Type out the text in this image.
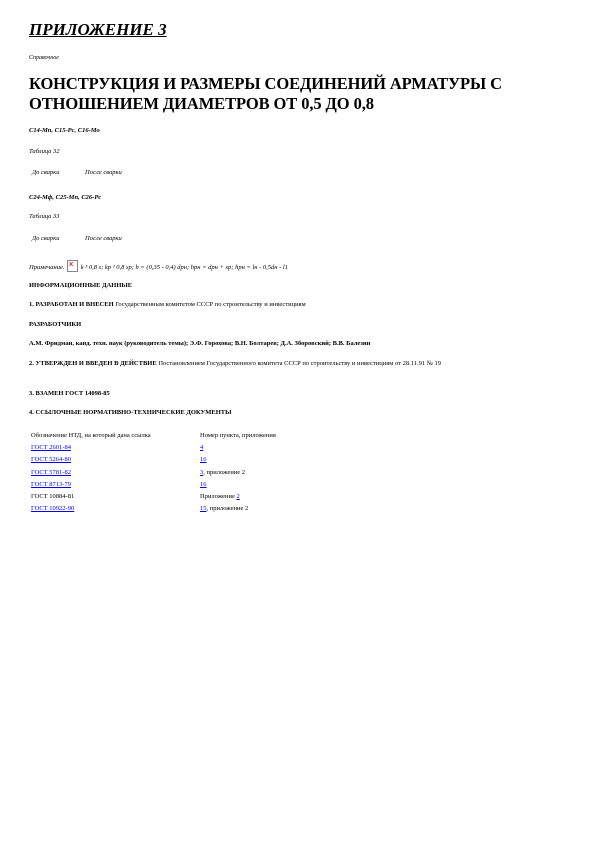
ПРИЛОЖЕНИЕ 3
Справочное
КОНСТРУКЦИЯ И РАЗМЕРЫ СОЕДИНЕНИЙ АРМАТУРЫ С ОТНОШЕНИЕМ ДИАМЕТРОВ ОТ 0,5 ДО 0,8
С14-Мп, С15-Рс, С16-Мо
Таблица 32
До сварки	После сварки
С24-Мф, С25-Мп, С26-Рс
Таблица 33
До сварки	После сварки
Примечание.	k ³ 0,8 s; kp ³ 0,8 sp; b = (0,35 - 0,4) dpн; hpн = dpн + sp; hpн = lн - 0,5dн - l1
ИНФОРМАЦИОННЫЕ ДАННЫЕ
1. РАЗРАБОТАН И ВНЕСЕН Государственным комитетом СССР по строительству и инвестициям
РАЗРАБОТЧИКИ
А.М. Фридман, канд. техн. наук (руководитель темы); Э.Ф. Горохова; В.Н. Болтарев; Д.А. Зборовский; В.В. Балезин
2. УТВЕРЖДЕН И ВВЕДЕН В ДЕЙСТВИЕ Постановлением Государственного комитета СССР по строительству и инвестициям от 28.11.91 № 19
3. ВЗАМЕН ГОСТ 14098-85
4. ССЫЛОЧНЫЕ НОРМАТИВНО-ТЕХНИЧЕСКИЕ ДОКУМЕНТЫ
Обозначение НТД, на который дана ссылка	Номер пункта, приложения
ГОСТ 2601-84	4
ГОСТ 5264-80	16
ГОСТ 5781-82	3, приложение 2
ГОСТ 8713-79	16
ГОСТ 10884-81	Приложение 2
ГОСТ 10922-90	15, приложение 2
